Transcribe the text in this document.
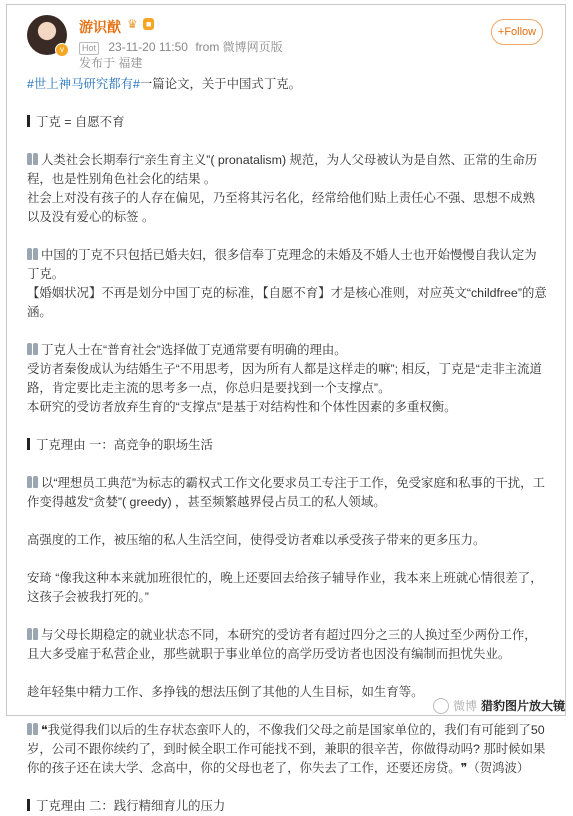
v
游识猷 ♛ ■
Hot 23-11-20 11:50 from 微博网页版
发布于 福建
+Follow

#世上神马研究都有#一篇论文，关于中国式丁克。

丁克 = 自愿不育

人类社会长期奉行“亲生育主义”( pronatalism) 规范，为人父母被认为是自然、正常的生命历程，也是性别角色社会化的结果 。

社会上对没有孩子的人存在偏见，乃至将其污名化，经常给他们贴上责任心不强、思想不成熟以及没有爱心的标签 。

中国的丁克不只包括已婚夫妇，很多信奉丁克理念的未婚及不婚人士也开始慢慢自我认定为丁克。

【婚姻状况】不再是划分中国丁克的标准，【自愿不育】才是核心准则，对应英文“childfree”的意涵。

丁克人士在“普育社会”选择做丁克通常要有明确的理由。

受访者秦俊成认为结婚生子“不用思考，因为所有人都是这样走的嘛”; 相反，丁克是“走非主流道路，肯定要比走主流的思考多一点，你总归是要找到一个支撑点”。

本研究的受访者放弃生育的“支撑点”是基于对结构性和个体性因素的多重权衡。

丁克理由 一：高竞争的职场生活

以“理想员工典范”为标志的霸权式工作文化要求员工专注于工作，免受家庭和私事的干扰，工作变得越发“贪婪”( greedy) ，甚至频繁越界侵占员工的私人领域。

高强度的工作，被压缩的私人生活空间，使得受访者难以承受孩子带来的更多压力。

安琦 “像我这种本来就加班很忙的，晚上还要回去给孩子辅导作业，我本来上班就心情很差了，这孩子会被我打死的。”

与父母长期稳定的就业状态不同，本研究的受访者有超过四分之三的人换过至少两份工作，且大多受雇于私营企业，那些就职于事业单位的高学历受访者也因没有编制而担忧失业。

趁年轻集中精力工作、多挣钱的想法压倒了其他的人生目标，如生育等。

❝我觉得我们以后的生存状态蛮吓人的，不像我们父母之前是国家单位的，我们有可能到了50岁，公司不跟你续约了，到时候全职工作可能找不到，兼职的很辛苦，你做得动吗? 那时候如果你的孩子还在读大学、念高中，你的父母也老了，你失去了工作，还要还房贷。❞（贺鸿波）

丁克理由 二：践行精细育儿的压力

微博 猎豹图片放大镜
